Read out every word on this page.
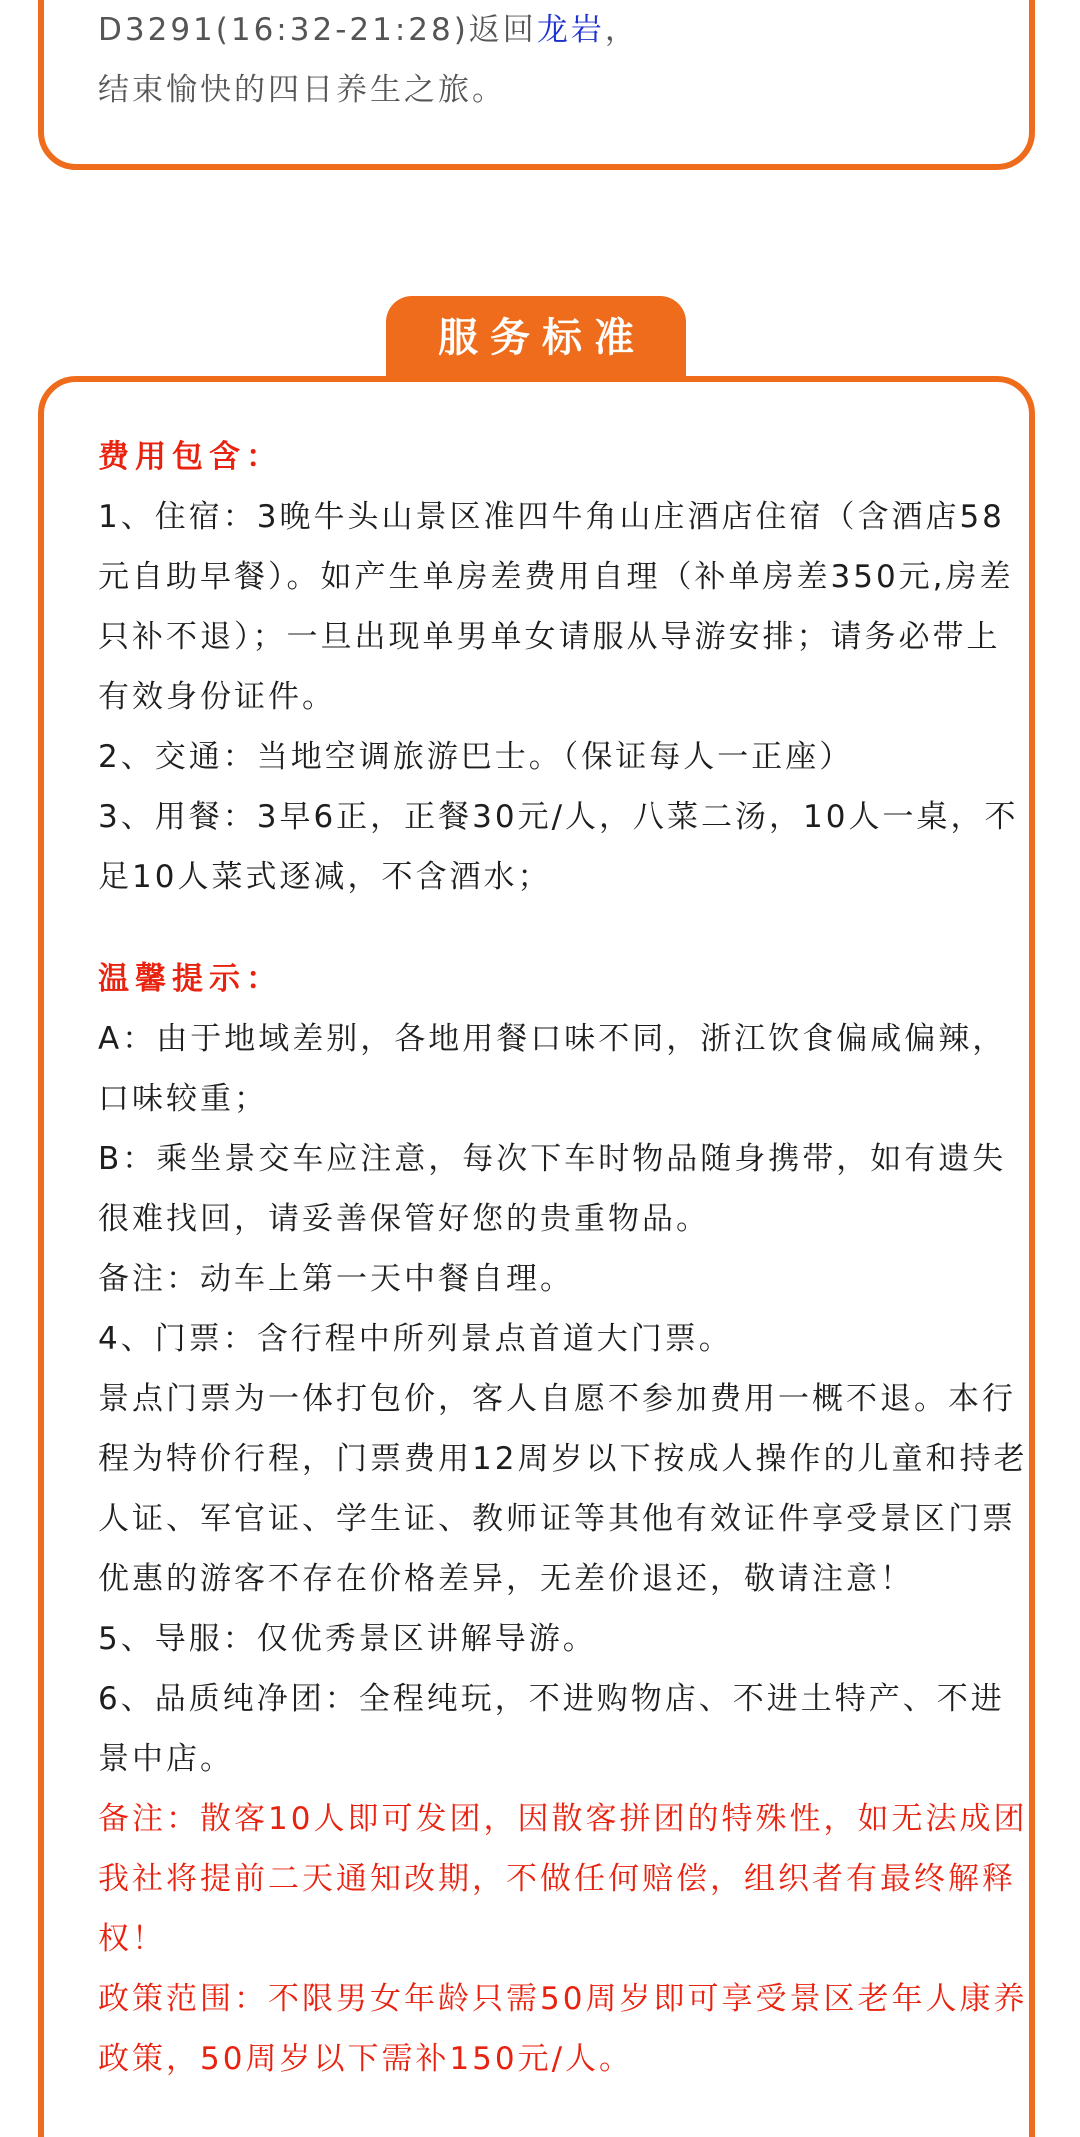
D3291(16:32-21:28)返回龙岩，

结束愉快的四日养生之旅。

服务标准

费用包含：

1、住宿：3晚牛头山景区准四牛角山庄酒店住宿（含酒店58元自助早餐）。如产生单房差费用自理（补单房差350元,房差只补不退）；一旦出现单男单女请服从导游安排；请务必带上有效身份证件。

2、交通：当地空调旅游巴士。（保证每人一正座）

3、用餐：3早6正，正餐30元/人，八菜二汤，10人一桌，不足10人菜式逐减，不含酒水；

温馨提示：

A：由于地域差别，各地用餐口味不同，浙江饮食偏咸偏辣，口味较重；

B：乘坐景交车应注意，每次下车时物品随身携带，如有遗失很难找回，请妥善保管好您的贵重物品。

备注：动车上第一天中餐自理。

4、门票：含行程中所列景点首道大门票。

景点门票为一体打包价，客人自愿不参加费用一概不退。本行程为特价行程，门票费用12周岁以下按成人操作的儿童和持老人证、军官证、学生证、教师证等其他有效证件享受景区门票优惠的游客不存在价格差异，无差价退还，敬请注意！

5、导服：仅优秀景区讲解导游。

6、品质纯净团：全程纯玩，不进购物店、不进土特产、不进景中店。

备注：散客10人即可发团，因散客拼团的特殊性，如无法成团我社将提前二天通知改期，不做任何赔偿，组织者有最终解释权！

政策范围：不限男女年龄只需50周岁即可享受景区老年人康养政策，50周岁以下需补150元/人。
